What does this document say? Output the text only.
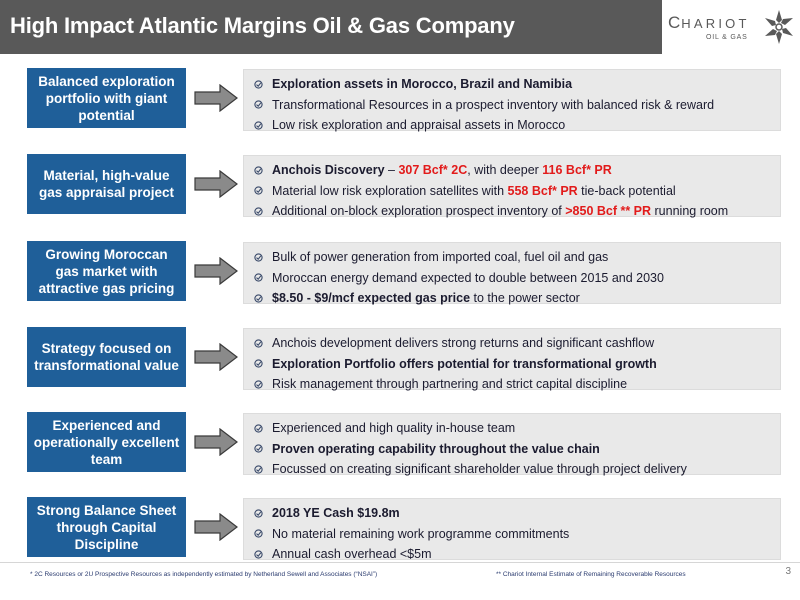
High Impact Atlantic Margins Oil & Gas Company	CHARIOT
OIL & GAS
Balanced exploration portfolio with giant potential
Exploration assets in Morocco, Brazil and Namibia
Transformational Resources in a prospect inventory with balanced risk & reward
Low risk exploration and appraisal assets in Morocco
Material, high-value gas appraisal project
Anchois Discovery – 307 Bcf* 2C, with deeper 116 Bcf* PR
Material low risk exploration satellites with 558 Bcf* PR tie-back potential
Additional on-block exploration prospect inventory of >850 Bcf ** PR running room
Growing Moroccan gas market with attractive gas pricing
Bulk of power generation from imported coal, fuel oil and gas
Moroccan energy demand expected to double between 2015 and 2030
$8.50 - $9/mcf expected gas price to the power sector
Strategy focused on transformational value
Anchois development delivers strong returns and significant cashflow
Exploration Portfolio offers potential for transformational growth
Risk management through partnering and strict capital discipline
Experienced and operationally excellent team
Experienced and high quality in-house team
Proven operating capability throughout the value chain
Focussed on creating significant shareholder value through project delivery
Strong Balance Sheet through Capital Discipline
2018 YE Cash $19.8m
No material remaining work programme commitments
Annual cash overhead <$5m
* 2C Resources or 2U Prospective Resources as independently estimated by Netherland Sewell and Associates (“NSAI”)	** Chariot Internal Estimate of Remaining Recoverable Resources	3
